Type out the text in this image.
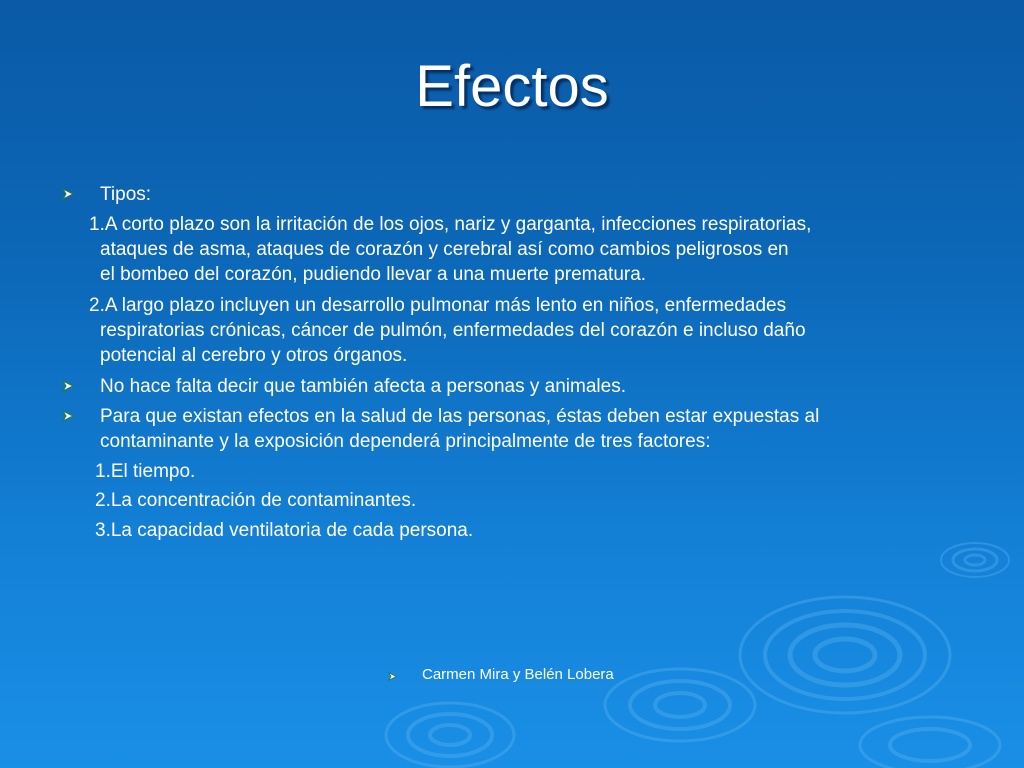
Efectos
Tipos:
1.A corto plazo son la irritación de los ojos, nariz y garganta, infecciones respiratorias,
ataques de asma, ataques de corazón y cerebral así como cambios peligrosos en
el bombeo del corazón, pudiendo llevar a una muerte prematura.
2.A largo plazo incluyen un desarrollo pulmonar más lento en niños, enfermedades
respiratorias crónicas, cáncer de pulmón, enfermedades del corazón e incluso daño
potencial al cerebro y otros órganos.
No hace falta decir que también afecta a personas y animales.
Para que existan efectos en la salud de las personas, éstas deben estar expuestas al
contaminante y la exposición dependerá principalmente de tres factores:
1.El tiempo.
2.La concentración de contaminantes.
3.La capacidad ventilatoria de cada persona.
Carmen Mira y Belén Lobera
